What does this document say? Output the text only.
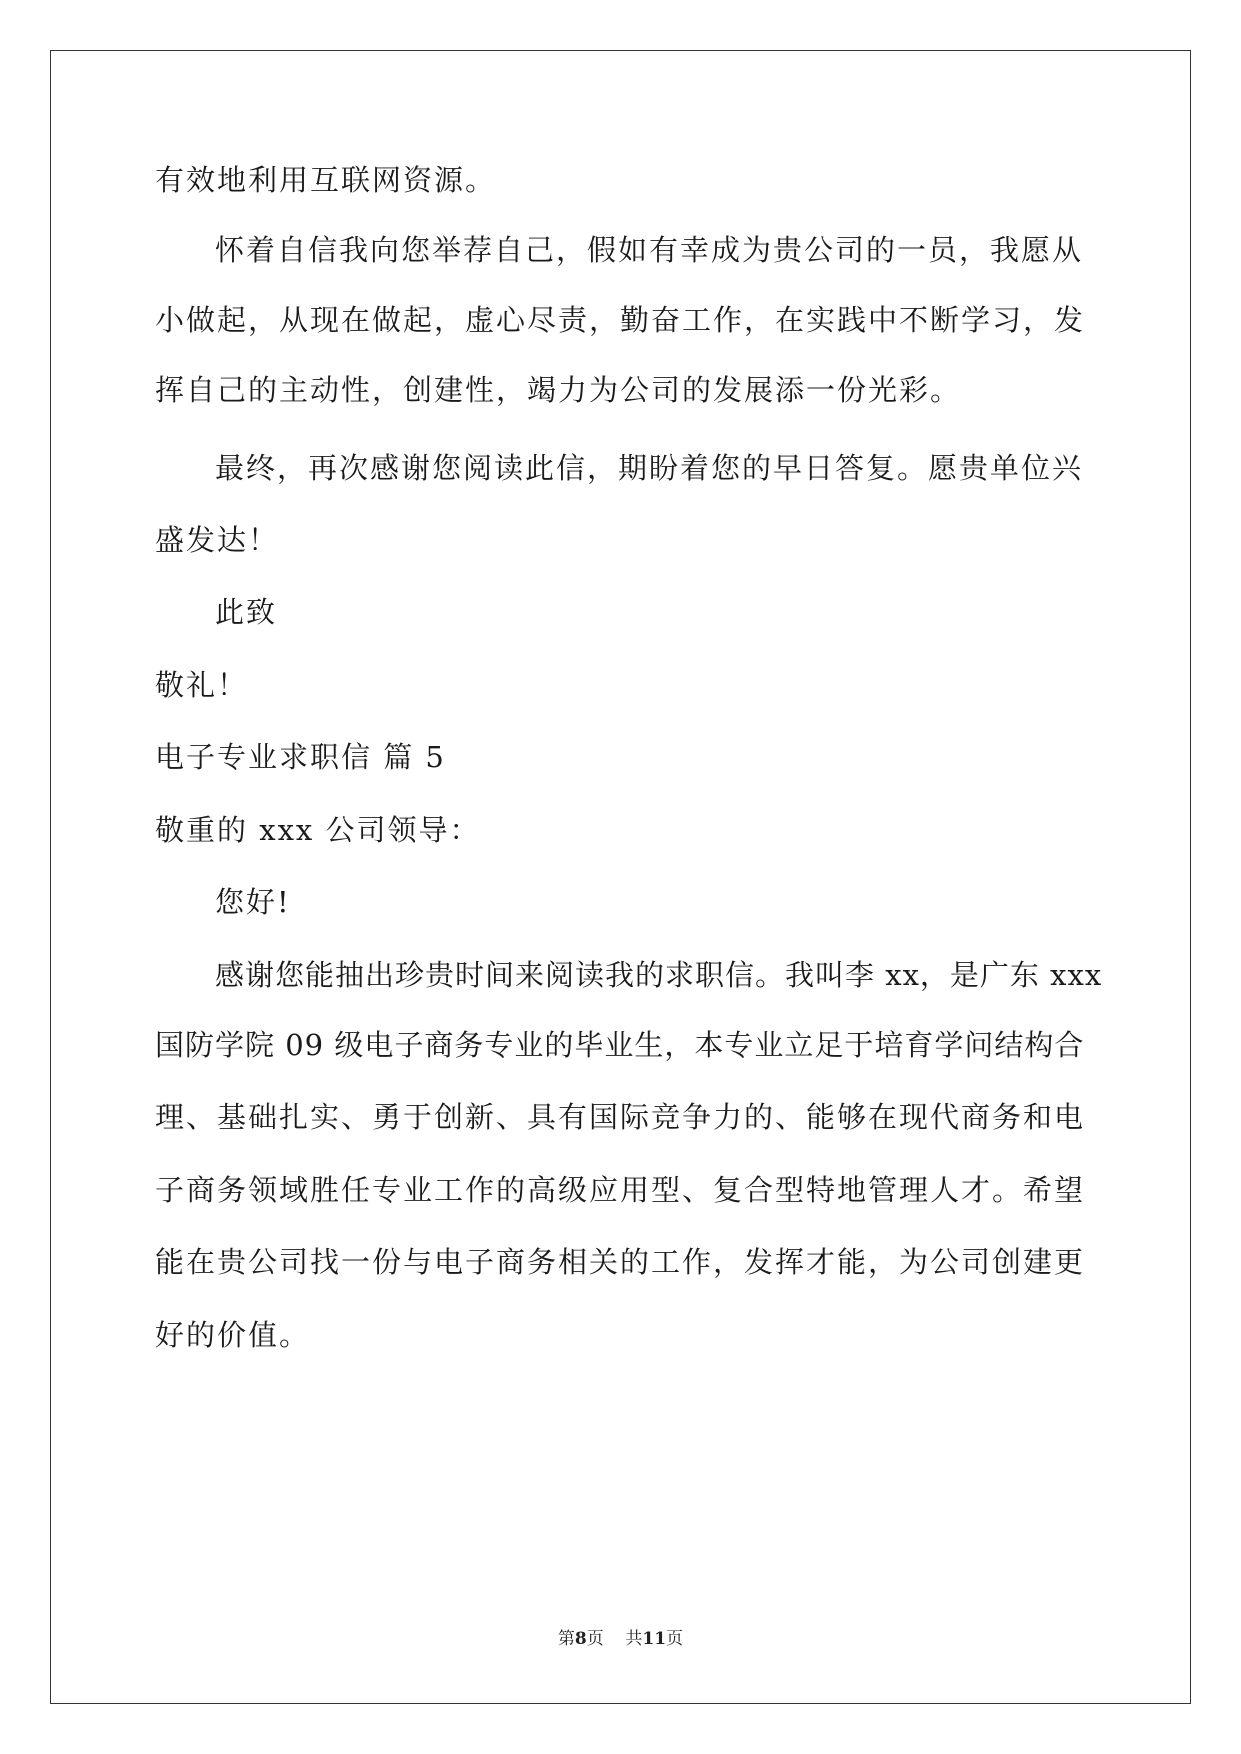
有效地利用互联网资源。
怀着自信我向您举荐自己，假如有幸成为贵公司的一员，我愿从
小做起，从现在做起，虚心尽责，勤奋工作，在实践中不断学习，发
挥自己的主动性，创建性，竭力为公司的发展添一份光彩。
最终，再次感谢您阅读此信，期盼着您的早日答复。愿贵单位兴
盛发达！
此致
敬礼！
电子专业求职信 篇 5
敬重的 xxx 公司领导：
您好!
感谢您能抽出珍贵时间来阅读我的求职信。我叫李 xx，是广东 xxx
国防学院 09 级电子商务专业的毕业生，本专业立足于培育学问结构合
理、基础扎实、勇于创新、具有国际竞争力的、能够在现代商务和电
子商务领域胜任专业工作的高级应用型、复合型特地管理人才。希望
能在贵公司找一份与电子商务相关的工作，发挥才能，为公司创建更
好的价值。
第8页 共11页
